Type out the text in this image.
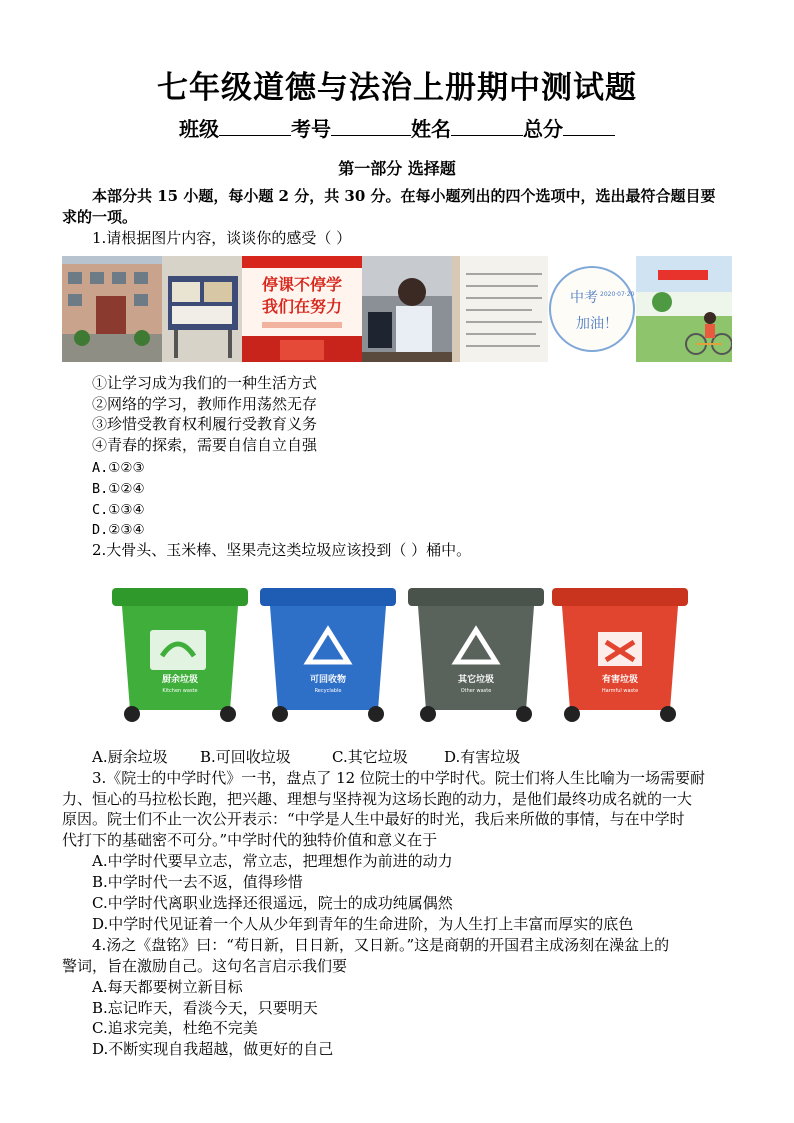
七年级道德与法治上册期中测试题
班级	考号	姓名	总分
第一部分 选择题
本部分共 15 小题，每小题 2 分，共 30 分。在每小题列出的四个选项中，选出最符合题目要
求的一项。
1.请根据图片内容，谈谈你的感受（ ）
停课不停学
我们在努力	中考 2020·07·20
加油！
①让学习成为我们的一种生活方式
②网络的学习，教师作用荡然无存
③珍惜受教育权利履行受教育义务
④青春的探索，需要自信自立自强
A.①②③
B.①②④
C.①③④
D.②③④
2.大骨头、玉米棒、坚果壳这类垃圾应该投到（ ）桶中。
厨余垃圾
Kitchen waste
可回收物
Recyclable
其它垃圾
Other waste
有害垃圾
Harmful waste
A.厨余垃圾 B.可回收垃圾	C.其它垃圾 D.有害垃圾
3.《院士的中学时代》一书，盘点了 12 位院士的中学时代。院士们将人生比喻为一场需要耐
力、恒心的马拉松长跑，把兴趣、理想与坚持视为这场长跑的动力，是他们最终功成名就的一大
原因。院士们不止一次公开表示：“中学是人生中最好的时光，我后来所做的事情，与在中学时
代打下的基础密不可分。”中学时代的独特价值和意义在于
A.中学时代要早立志，常立志，把理想作为前进的动力
B.中学时代一去不返，值得珍惜
C.中学时代离职业选择还很遥远，院士的成功纯属偶然
D.中学时代见证着一个人从少年到青年的生命进阶，为人生打上丰富而厚实的底色
4.汤之《盘铭》曰：“苟日新，日日新，又日新。”这是商朝的开国君主成汤刻在澡盆上的
警词，旨在激励自己。这句名言启示我们要
A.每天都要树立新目标
B.忘记昨天，看淡今天，只要明天
C.追求完美，杜绝不完美
D.不断实现自我超越，做更好的自己
